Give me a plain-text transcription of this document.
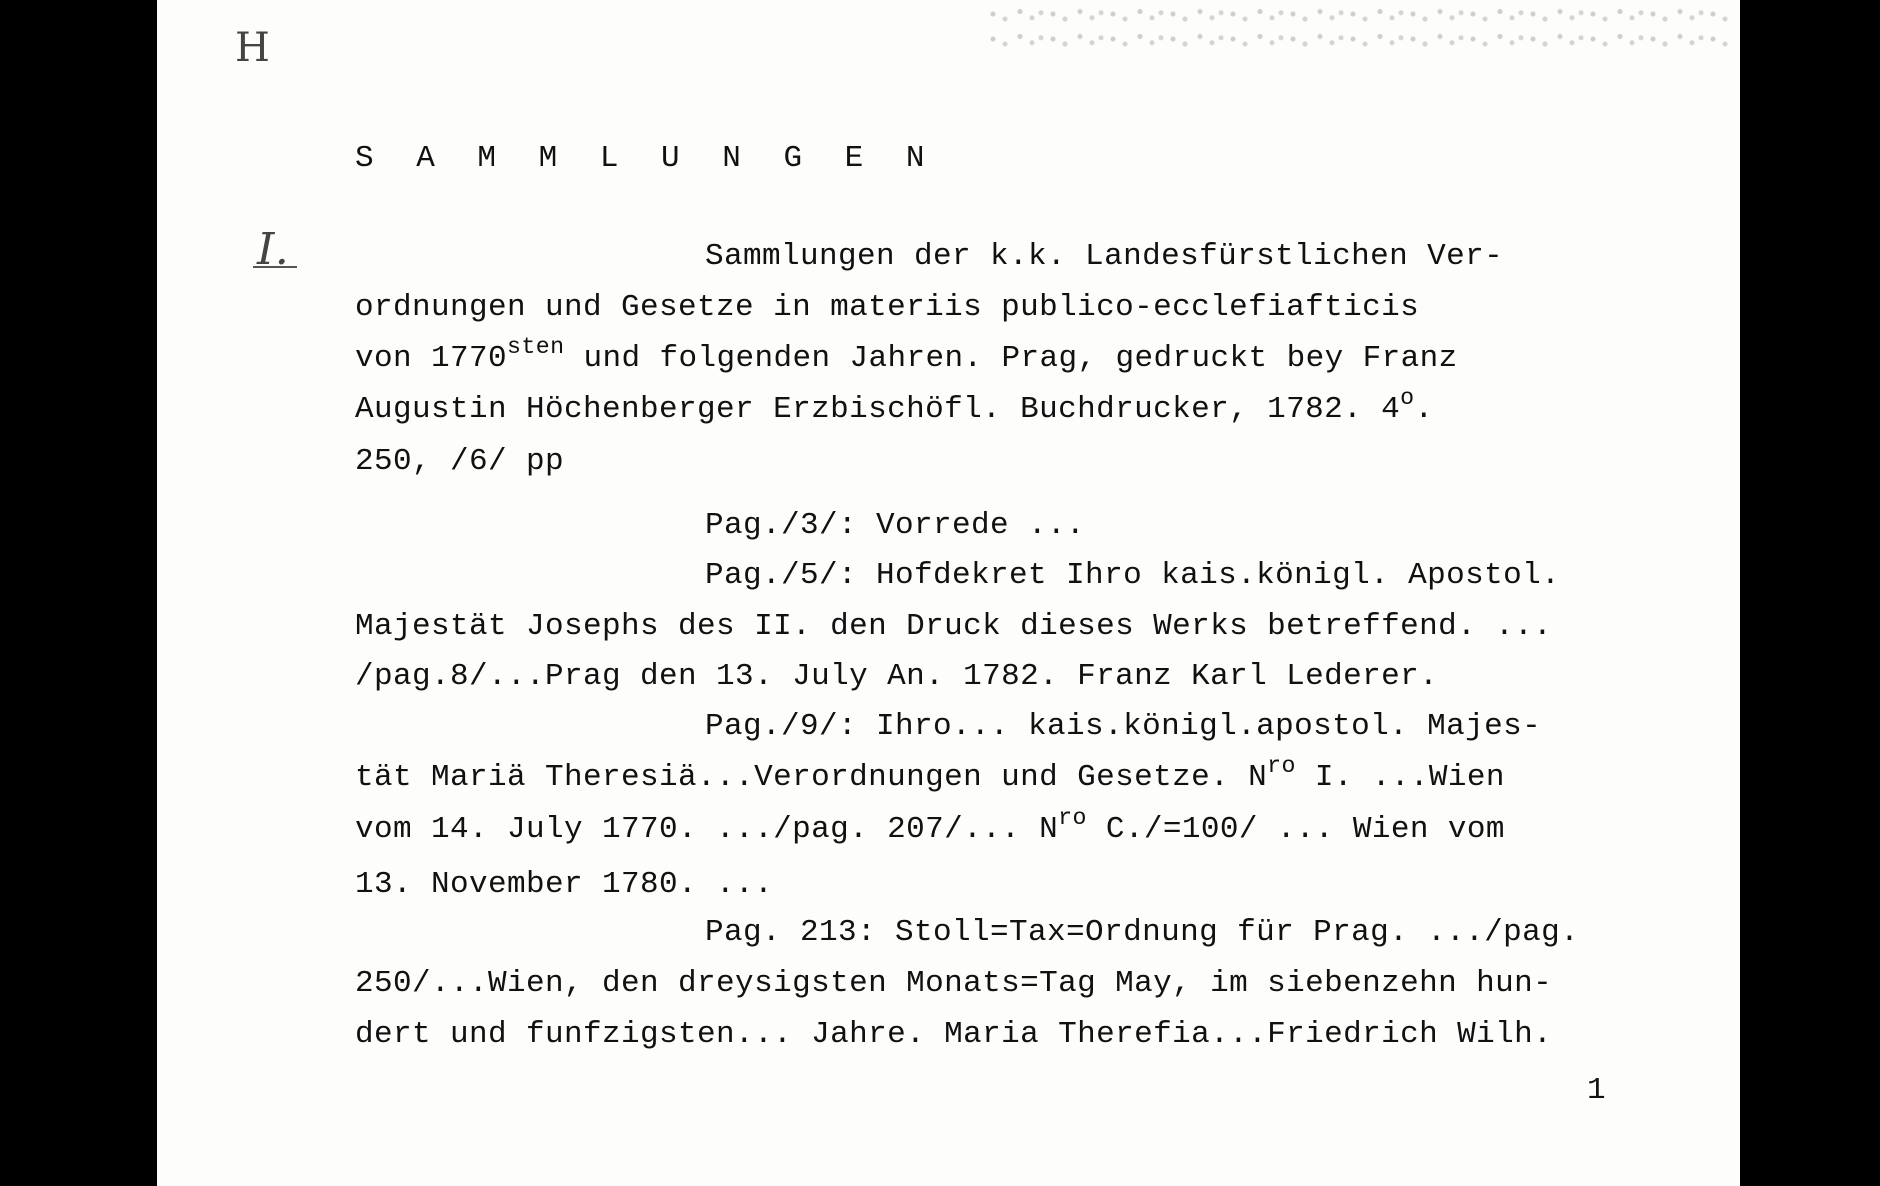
H
I.
S A M M L U N G E N
Sammlungen der k.k. Landesfürstlichen Ver-
ordnungen und Gesetze in materiis publico-ecclefiafticis
von $1770^{sten}$ und folgenden Jahren. Prag, gedruckt bey Franz
Augustin Höchenberger Erzbischöfl. Buchdrucker, 1782. 4$^o$.
250, /6/ pp
Pag./3/: Vorrede ...
Pag./5/: Hofdekret Ihro kais.königl. Apostol.
Majestät Josephs des II. den Druck dieses Werks betreffend. ...
/pag.8/...Prag den 13. July An. 1782. Franz Karl Lederer.
Pag./9/: Ihro... kais.königl.apostol. Majes-
tät Mariä Theresiä...Verordnungen und Gesetze. $N^{ro}$ I. ...Wien
vom 14. July 1770. .../pag. 207/... $N^{ro}$ C./=100/ ... Wien vom
13. November 1780. ...
Pag. 213: Stoll=Tax=Ordnung für Prag. .../pag.
250/...Wien, den dreysigsten Monats=Tag May, im siebenzehn hun-
dert und funfzigsten... Jahre. Maria Therefia...Friedrich Wilh.
1
